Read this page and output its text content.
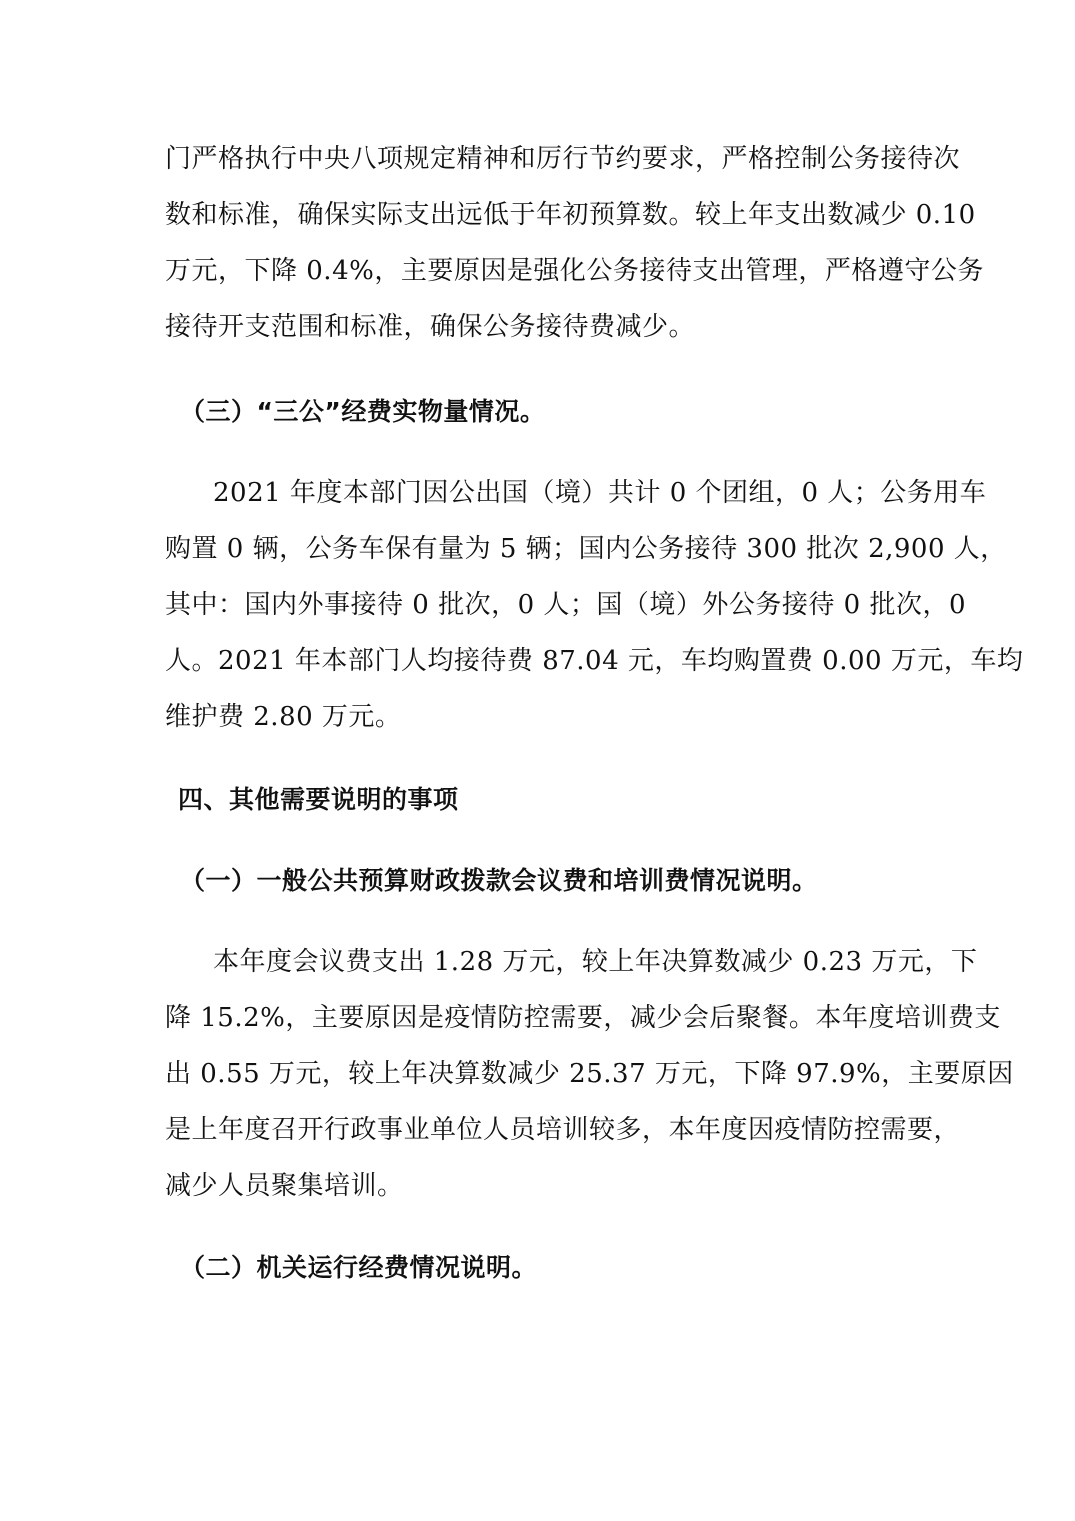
门严格执行中央八项规定精神和厉行节约要求，严格控制公务接待次
数和标准，确保实际支出远低于年初预算数。较上年支出数减少 0.10
万元，下降 0.4%，主要原因是强化公务接待支出管理，严格遵守公务
接待开支范围和标准，确保公务接待费减少。
（三）“三公”经费实物量情况。
2021 年度本部门因公出国（境）共计 0 个团组，0 人；公务用车
购置 0 辆，公务车保有量为 5 辆；国内公务接待 300 批次 2,900 人，
其中：国内外事接待 0 批次，0 人；国（境）外公务接待 0 批次，0
人。2021 年本部门人均接待费 87.04 元，车均购置费 0.00 万元，车均
维护费 2.80 万元。
四、其他需要说明的事项
（一）一般公共预算财政拨款会议费和培训费情况说明。
本年度会议费支出 1.28 万元，较上年决算数减少 0.23 万元，下
降 15.2%，主要原因是疫情防控需要，减少会后聚餐。本年度培训费支
出 0.55 万元，较上年决算数减少 25.37 万元，下降 97.9%，主要原因
是上年度召开行政事业单位人员培训较多，本年度因疫情防控需要，
减少人员聚集培训。
（二）机关运行经费情况说明。
